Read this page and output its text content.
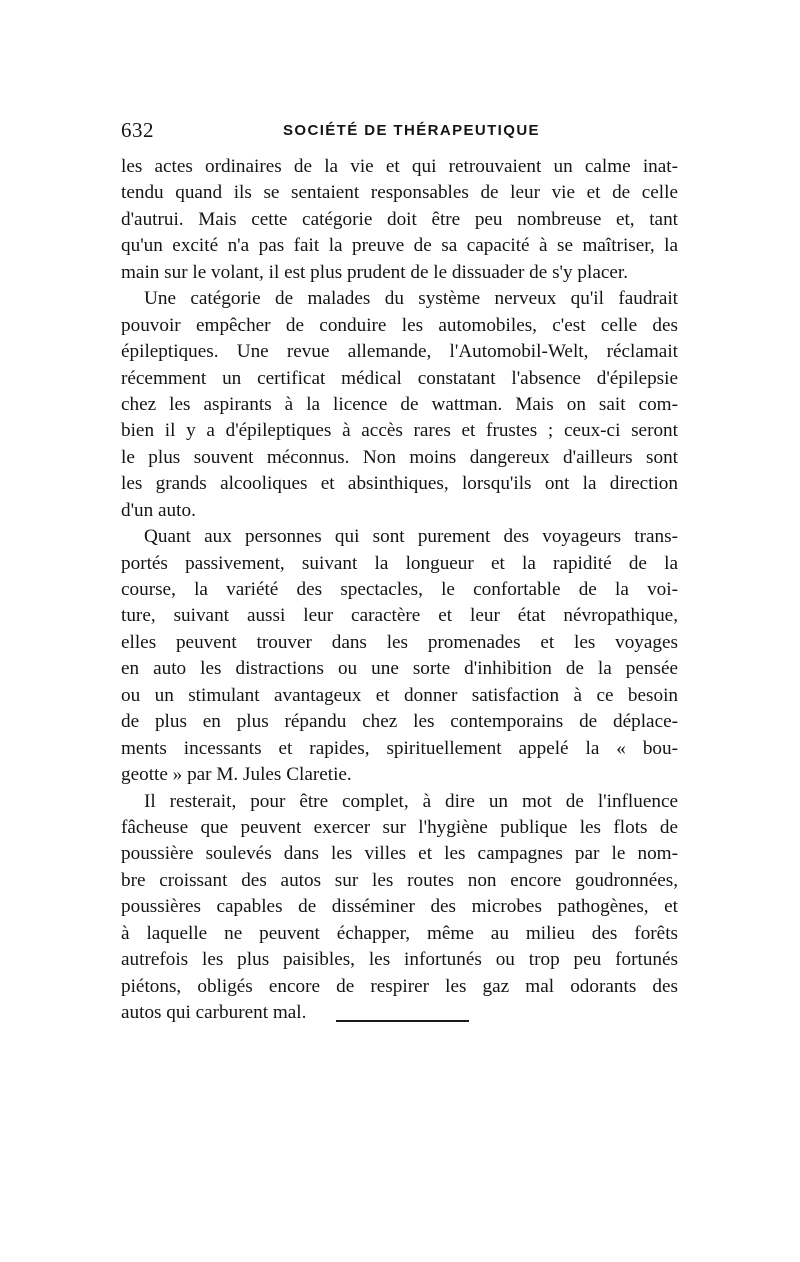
632	SOCIÉTÉ DE THÉRAPEUTIQUE
les actes ordinaires de la vie et qui retrouvaient un calme inat-
tendu quand ils se sentaient responsables de leur vie et de celle
d'autrui. Mais cette catégorie doit être peu nombreuse et, tant
qu'un excité n'a pas fait la preuve de sa capacité à se maîtriser, la
main sur le volant, il est plus prudent de le dissuader de s'y placer.
Une catégorie de malades du système nerveux qu'il faudrait
pouvoir empêcher de conduire les automobiles, c'est celle des
épileptiques. Une revue allemande, l'Automobil-Welt, réclamait
récemment un certificat médical constatant l'absence d'épilepsie
chez les aspirants à la licence de wattman. Mais on sait com-
bien il y a d'épileptiques à accès rares et frustes ; ceux-ci seront
le plus souvent méconnus. Non moins dangereux d'ailleurs sont
les grands alcooliques et absinthiques, lorsqu'ils ont la direction
d'un auto.
Quant aux personnes qui sont purement des voyageurs trans-
portés passivement, suivant la longueur et la rapidité de la
course, la variété des spectacles, le confortable de la voi-
ture, suivant aussi leur caractère et leur état névropathique,
elles peuvent trouver dans les promenades et les voyages
en auto les distractions ou une sorte d'inhibition de la pensée
ou un stimulant avantageux et donner satisfaction à ce besoin
de plus en plus répandu chez les contemporains de déplace-
ments incessants et rapides, spirituellement appelé la « bou-
geotte » par M. Jules Claretie.
Il resterait, pour être complet, à dire un mot de l'influence
fâcheuse que peuvent exercer sur l'hygiène publique les flots de
poussière soulevés dans les villes et les campagnes par le nom-
bre croissant des autos sur les routes non encore goudronnées,
poussières capables de disséminer des microbes pathogènes, et
à laquelle ne peuvent échapper, même au milieu des forêts
autrefois les plus paisibles, les infortunés ou trop peu fortunés
piétons, obligés encore de respirer les gaz mal odorants des
autos qui carburent mal.
